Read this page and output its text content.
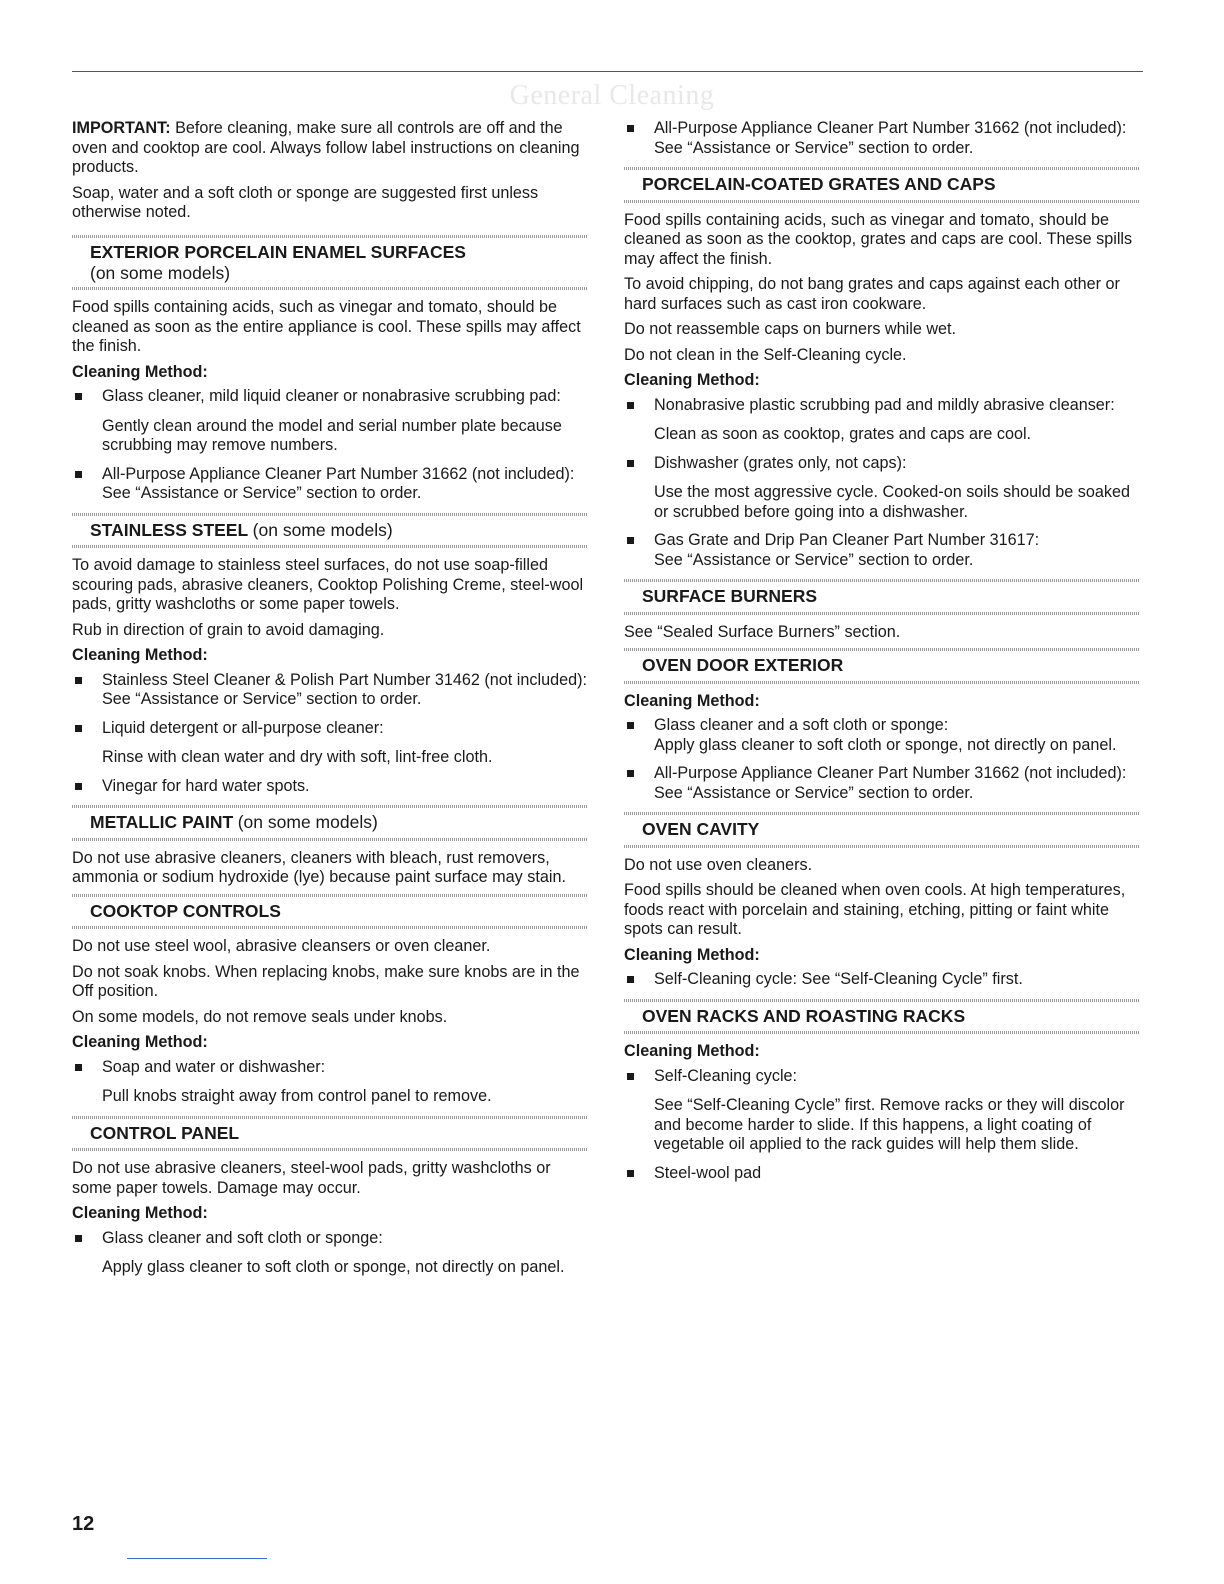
General Cleaning

IMPORTANT: Before cleaning, make sure all controls are off and the oven and cooktop are cool. Always follow label instructions on cleaning products.

Soap, water and a soft cloth or sponge are suggested first unless otherwise noted.

EXTERIOR PORCELAIN ENAMEL SURFACES
(on some models)

Food spills containing acids, such as vinegar and tomato, should be cleaned as soon as the entire appliance is cool. These spills may affect the finish.

Cleaning Method:

Glass cleaner, mild liquid cleaner or nonabrasive scrubbing pad:
Gently clean around the model and serial number plate because scrubbing may remove numbers.
All-Purpose Appliance Cleaner Part Number 31662 (not included):
See “Assistance or Service” section to order.
STAINLESS STEEL (on some models)

To avoid damage to stainless steel surfaces, do not use soap-filled scouring pads, abrasive cleaners, Cooktop Polishing Creme, steel-wool pads, gritty washcloths or some paper towels.

Rub in direction of grain to avoid damaging.

Cleaning Method:

Stainless Steel Cleaner & Polish Part Number 31462 (not included):
See “Assistance or Service” section to order.
Liquid detergent or all-purpose cleaner:
Rinse with clean water and dry with soft, lint-free cloth.
Vinegar for hard water spots.
METALLIC PAINT (on some models)

Do not use abrasive cleaners, cleaners with bleach, rust removers, ammonia or sodium hydroxide (lye) because paint surface may stain.

COOKTOP CONTROLS

Do not use steel wool, abrasive cleansers or oven cleaner.

Do not soak knobs. When replacing knobs, make sure knobs are in the Off position.

On some models, do not remove seals under knobs.

Cleaning Method:

Soap and water or dishwasher:
Pull knobs straight away from control panel to remove.
CONTROL PANEL

Do not use abrasive cleaners, steel-wool pads, gritty washcloths or some paper towels. Damage may occur.

Cleaning Method:

Glass cleaner and soft cloth or sponge:
Apply glass cleaner to soft cloth or sponge, not directly on panel.
All-Purpose Appliance Cleaner Part Number 31662 (not included):
See “Assistance or Service” section to order.
PORCELAIN-COATED GRATES AND CAPS

Food spills containing acids, such as vinegar and tomato, should be cleaned as soon as the cooktop, grates and caps are cool. These spills may affect the finish.

To avoid chipping, do not bang grates and caps against each other or hard surfaces such as cast iron cookware.

Do not reassemble caps on burners while wet.

Do not clean in the Self-Cleaning cycle.

Cleaning Method:

Nonabrasive plastic scrubbing pad and mildly abrasive cleanser:
Clean as soon as cooktop, grates and caps are cool.
Dishwasher (grates only, not caps):
Use the most aggressive cycle. Cooked-on soils should be soaked or scrubbed before going into a dishwasher.
Gas Grate and Drip Pan Cleaner Part Number 31617:
See “Assistance or Service” section to order.
SURFACE BURNERS

See “Sealed Surface Burners” section.

OVEN DOOR EXTERIOR

Cleaning Method:

Glass cleaner and a soft cloth or sponge:
Apply glass cleaner to soft cloth or sponge, not directly on panel.
All-Purpose Appliance Cleaner Part Number 31662 (not included):
See “Assistance or Service” section to order.
OVEN CAVITY

Do not use oven cleaners.

Food spills should be cleaned when oven cools. At high temperatures, foods react with porcelain and staining, etching, pitting or faint white spots can result.

Cleaning Method:

Self-Cleaning cycle: See “Self-Cleaning Cycle” first.
OVEN RACKS AND ROASTING RACKS

Cleaning Method:

Self-Cleaning cycle:
See “Self-Cleaning Cycle” first. Remove racks or they will discolor and become harder to slide. If this happens, a light coating of vegetable oil applied to the rack guides will help them slide.
Steel-wool pad
12
